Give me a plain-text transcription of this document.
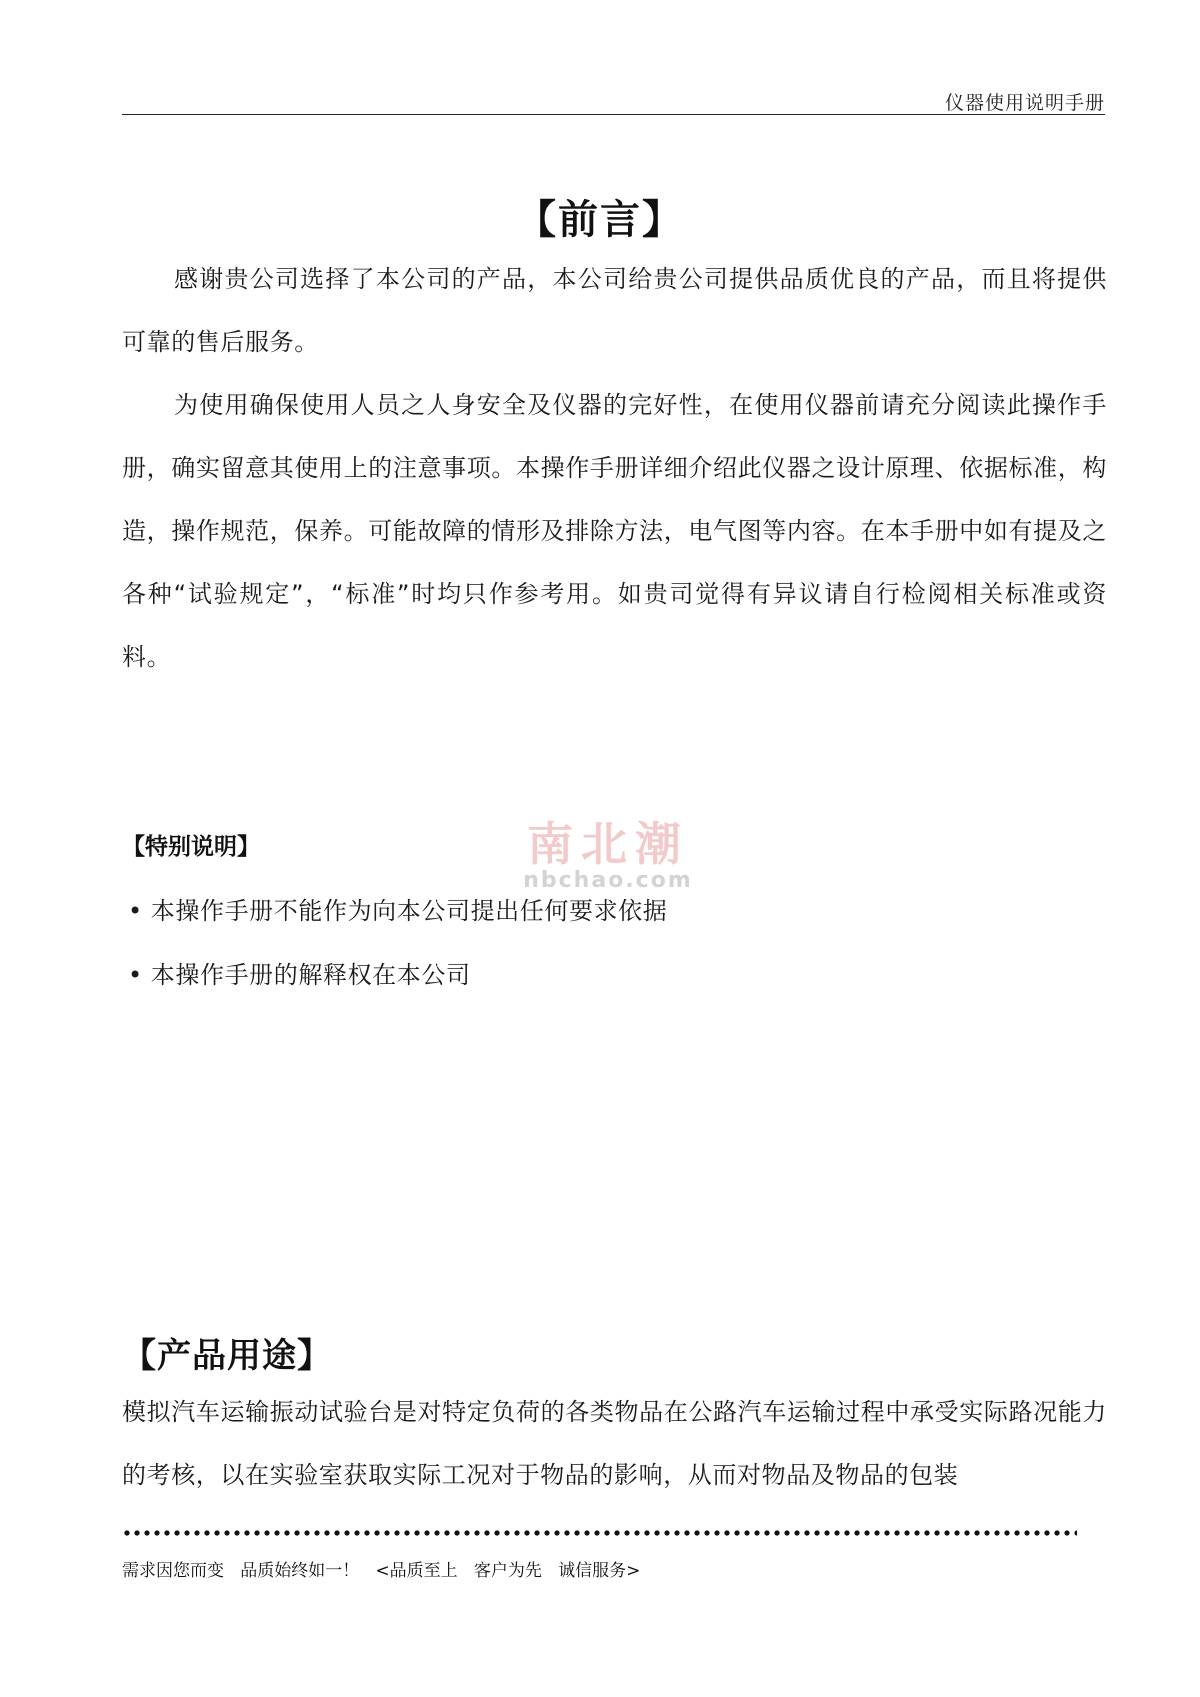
仪器使用说明手册
【前言】

感谢贵公司选择了本公司的产品，本公司给贵公司提供品质优良的产品，而且将提供可靠的售后服务。

为使用确保使用人员之人身安全及仪器的完好性，在使用仪器前请充分阅读此操作手册，确实留意其使用上的注意事项。本操作手册详细介绍此仪器之设计原理、依据标准，构造，操作规范，保养。可能故障的情形及排除方法，电气图等内容。在本手册中如有提及之各种“试验规定”，“标准”时均只作参考用。如贵司觉得有异议请自行检阅相关标准或资料。

【特别说明】	南北潮
nbchao.com
• 本操作手册不能作为向本公司提出任何要求依据
• 本操作手册的解释权在本公司
【产品用途】

模拟汽车运输振动试验台是对特定负荷的各类物品在公路汽车运输过程中承受实际路况能力的考核，以在实验室获取实际工况对于物品的影响，从而对物品及物品的包装

需求因您而变   品质始终如一！   <品质至上   客户为先   诚信服务>
